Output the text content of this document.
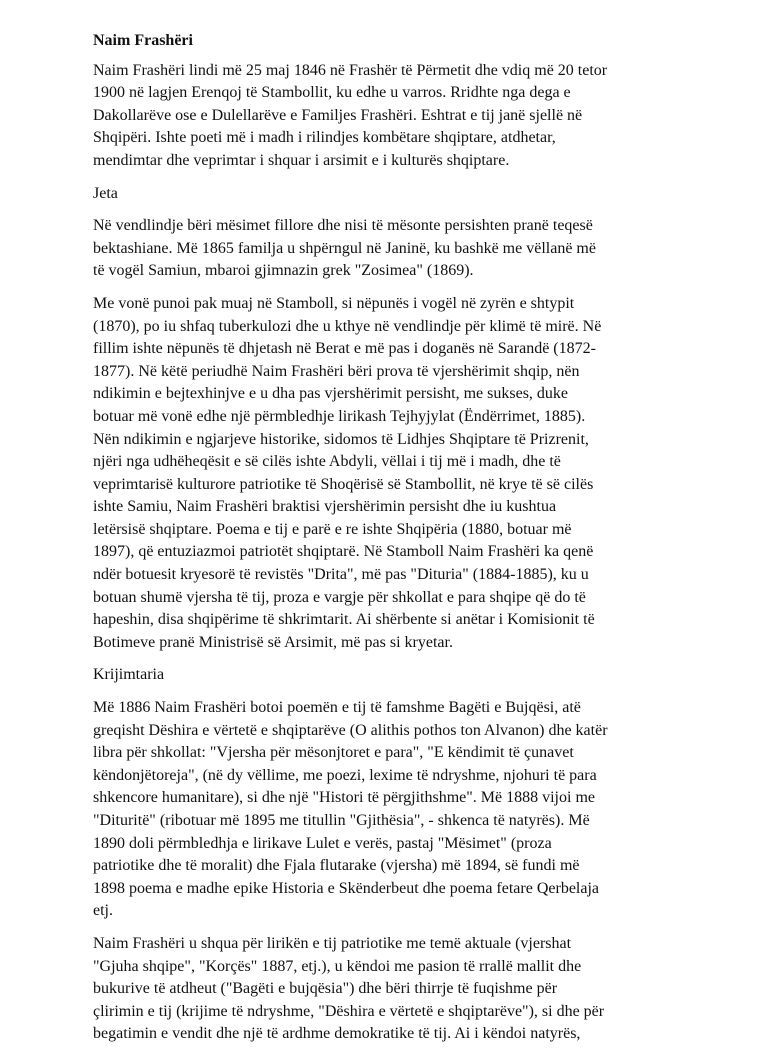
Naim Frashëri
Naim Frashëri lindi më 25 maj 1846 në Frashër të Përmetit dhe vdiq më 20 tetor
1900 në lagjen Erenqoj të Stambollit, ku edhe u varros. Rridhte nga dega e
Dakollarëve ose e Dulellarëve e Familjes Frashëri. Eshtrat e tij janë sjellë në
Shqipëri. Ishte poeti më i madh i rilindjes kombëtare shqiptare, atdhetar,
mendimtar dhe veprimtar i shquar i arsimit e i kulturës shqiptare.
Jeta
Në vendlindje bëri mësimet fillore dhe nisi të mësonte persishten pranë teqesë
bektashiane. Më 1865 familja u shpërngul në Janinë, ku bashkë me vëllanë më
të vogël Samiun, mbaroi gjimnazin grek "Zosimea" (1869).
Me vonë punoi pak muaj në Stamboll, si nëpunës i vogël në zyrën e shtypit
(1870), po iu shfaq tuberkulozi dhe u kthye në vendlindje për klimë të mirë. Në
fillim ishte nëpunës të dhjetash në Berat e më pas i doganës në Sarandë (1872-
1877). Në këtë periudhë Naim Frashëri bëri prova të vjershërimit shqip, nën
ndikimin e bejtexhinjve e u dha pas vjershërimit persisht, me sukses, duke
botuar më vonë edhe një përmbledhje lirikash Tejhyjylat (Ëndërrimet, 1885).
Nën ndikimin e ngjarjeve historike, sidomos të Lidhjes Shqiptare të Prizrenit,
njëri nga udhëheqësit e së cilës ishte Abdyli, vëllai i tij më i madh, dhe të
veprimtarisë kulturore patriotike të Shoqërisë së Stambollit, në krye të së cilës
ishte Samiu, Naim Frashëri braktisi vjershërimin persisht dhe iu kushtua
letërsisë shqiptare. Poema e tij e parë e re ishte Shqipëria (1880, botuar më
1897), që entuziazmoi patriotët shqiptarë. Në Stamboll Naim Frashëri ka qenë
ndër botuesit kryesorë të revistës "Drita", më pas "Dituria" (1884-1885), ku u
botuan shumë vjersha të tij, proza e vargje për shkollat e para shqipe që do të
hapeshin, disa shqipërime të shkrimtarit. Ai shërbente si anëtar i Komisionit të
Botimeve pranë Ministrisë së Arsimit, më pas si kryetar.
Krijimtaria
Më 1886 Naim Frashëri botoi poemën e tij të famshme Bagëti e Bujqësi, atë
greqisht Dëshira e vërtetë e shqiptarëve (O alithis pothos ton Alvanon) dhe katër
libra për shkollat: "Vjersha për mësonjtoret e para", "E këndimit të çunavet
këndonjëtoreja", (në dy vëllime, me poezi, lexime të ndryshme, njohuri të para
shkencore humanitare), si dhe një "Histori të përgjithshme". Më 1888 vijoi me
"Dituritë" (ribotuar më 1895 me titullin "Gjithësia", - shkenca të natyrës). Më
1890 doli përmbledhja e lirikave Lulet e verës, pastaj "Mësimet" (proza
patriotike dhe të moralit) dhe Fjala flutarake (vjersha) më 1894, së fundi më
1898 poema e madhe epike Historia e Skënderbeut dhe poema fetare Qerbelaja
etj.
Naim Frashëri u shqua për lirikën e tij patriotike me temë aktuale (vjershat
"Gjuha shqipe", "Korçës" 1887, etj.), u këndoi me pasion të rrallë mallit dhe
bukurive të atdheut ("Bagëti e bujqësia") dhe bëri thirrje të fuqishme për
çlirimin e tij (krijime të ndryshme, "Dëshira e vërtetë e shqiptarëve"), si dhe për
begatimin e vendit dhe një të ardhme demokratike të tij. Ai i këndoi natyrës,
